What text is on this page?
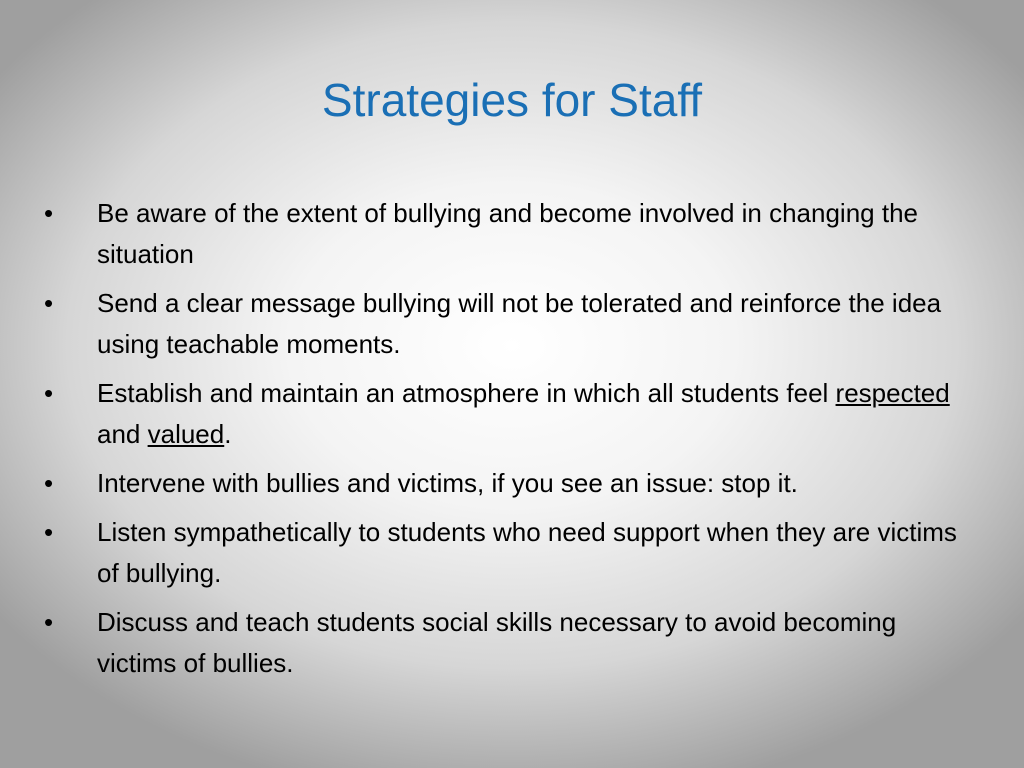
Strategies for Staff
•	Be aware of the extent of bullying and become involved in changing the situation
•	Send a clear message bullying will not be tolerated and reinforce the idea using teachable moments.
•	Establish and maintain an atmosphere in which all students feel respected and valued.
•	Intervene with bullies and victims, if you see an issue: stop it.
•	Listen sympathetically to students who need support when they are victims of bullying.
•	Discuss and teach students social skills necessary to avoid becoming victims of bullies.
